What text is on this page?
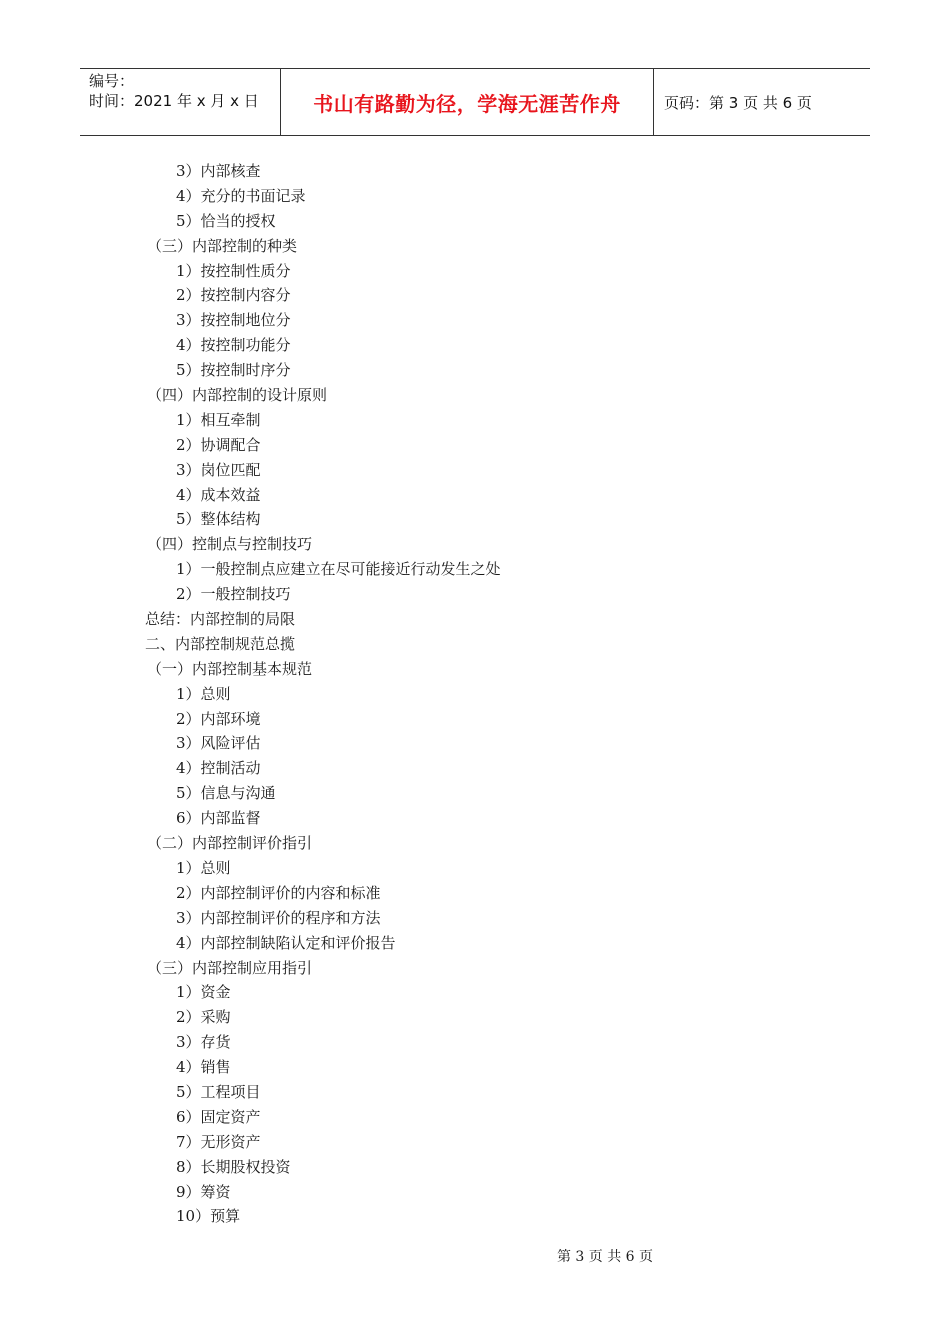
编号：
时间：2021 年 x 月 x 日	书山有路勤为径，学海无涯苦作舟	页码：第 3 页 共 6 页
3）内部核查
4）充分的书面记录
5）恰当的授权
（三）内部控制的种类
1）按控制性质分
2）按控制内容分
3）按控制地位分
4）按控制功能分
5）按控制时序分
（四）内部控制的设计原则
1）相互牵制
2）协调配合
3）岗位匹配
4）成本效益
5）整体结构
（四）控制点与控制技巧
1）一般控制点应建立在尽可能接近行动发生之处
2）一般控制技巧
总结：内部控制的局限
二、内部控制规范总揽
（一）内部控制基本规范
1）总则
2）内部环境
3）风险评估
4）控制活动
5）信息与沟通
6）内部监督
（二）内部控制评价指引
1）总则
2）内部控制评价的内容和标准
3）内部控制评价的程序和方法
4）内部控制缺陷认定和评价报告
（三）内部控制应用指引
1）资金
2）采购
3）存货
4）销售
5）工程项目
6）固定资产
7）无形资产
8）长期股权投资
9）筹资
10）预算
第 3 页 共 6 页
